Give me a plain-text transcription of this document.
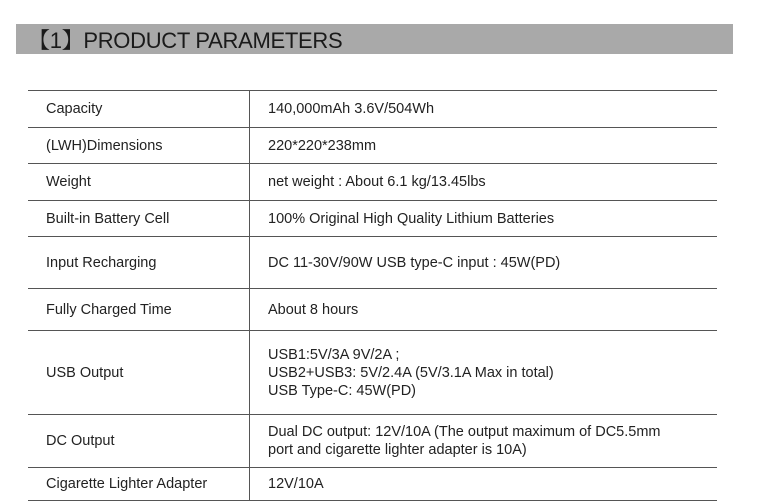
【1】PRODUCT PARAMETERS
Capacity	140,000mAh 3.6V/504Wh

(LWH)Dimensions	220*220*238mm

Weight	net weight : About 6.1 kg/13.45lbs

Built-in Battery Cell	100% Original High Quality Lithium Batteries

Input Recharging	DC 11-30V/90W USB type-C input : 45W(PD)

Fully Charged Time	About 8 hours

USB Output	USB1:5V/3A 9V/2A ;
USB2+USB3: 5V/2.4A (5V/3.1A Max in total)
USB Type-C: 45W(PD)

DC Output	Dual DC output: 12V/10A (The output maximum of DC5.5mm
port and cigarette lighter adapter is 10A)

Cigarette Lighter Adapter	12V/10A
